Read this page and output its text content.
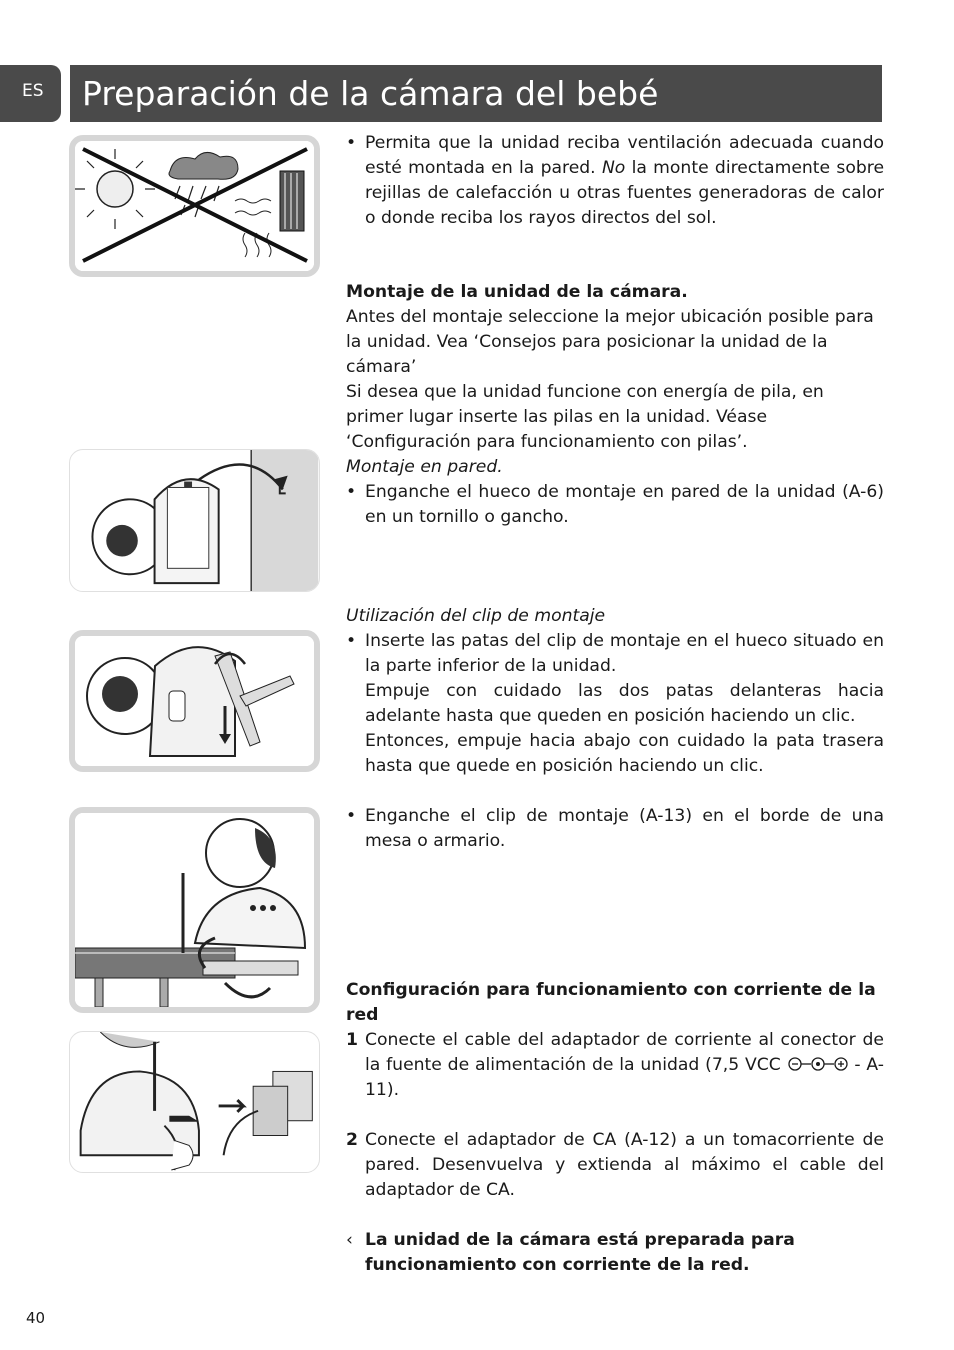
ES	Preparación de la cámara del bebé

• Permita que la unidad reciba ventilación adecuada cuando esté montada en la pared. No la monte directamente sobre rejillas de calefacción u otras fuentes generadoras de calor o donde reciba los rayos directos del sol.

Montaje de la unidad de la cámara.

Antes del montaje seleccione la mejor ubicación posible para la unidad. Vea ‘Consejos para posicionar la unidad de la cámara’

Si desea que la unidad funcione con energía de pila, en primer lugar inserte las pilas en la unidad. Véase ‘Configuración para funcionamiento con pilas’.

Montaje en pared.

• Enganche el hueco de montaje en pared de la unidad (A-6) en un tornillo o gancho.

Utilización del clip de montaje

• Inserte las patas del clip de montaje en el hueco situado en la parte inferior de la unidad.

Empuje con cuidado las dos patas delanteras hacia adelante hasta que queden en posición haciendo un clic.

Entonces, empuje hacia abajo con cuidado la pata trasera hasta que quede en posición haciendo un clic.

• Enganche el clip de montaje (A-13) en el borde de una mesa o armario.

Configuración para funcionamiento con corriente de la red

1 Conecte el cable del adaptador de corriente al conector de la fuente de alimentación de la unidad (7,5 VCC	- A-11).

2 Conecte el adaptador de CA (A-12) a un tomacorriente de pared. Desenvuelva y extienda al máximo el cable del adaptador de CA.

‹ La unidad de la cámara está preparada para funcionamiento con corriente de la red.

40
